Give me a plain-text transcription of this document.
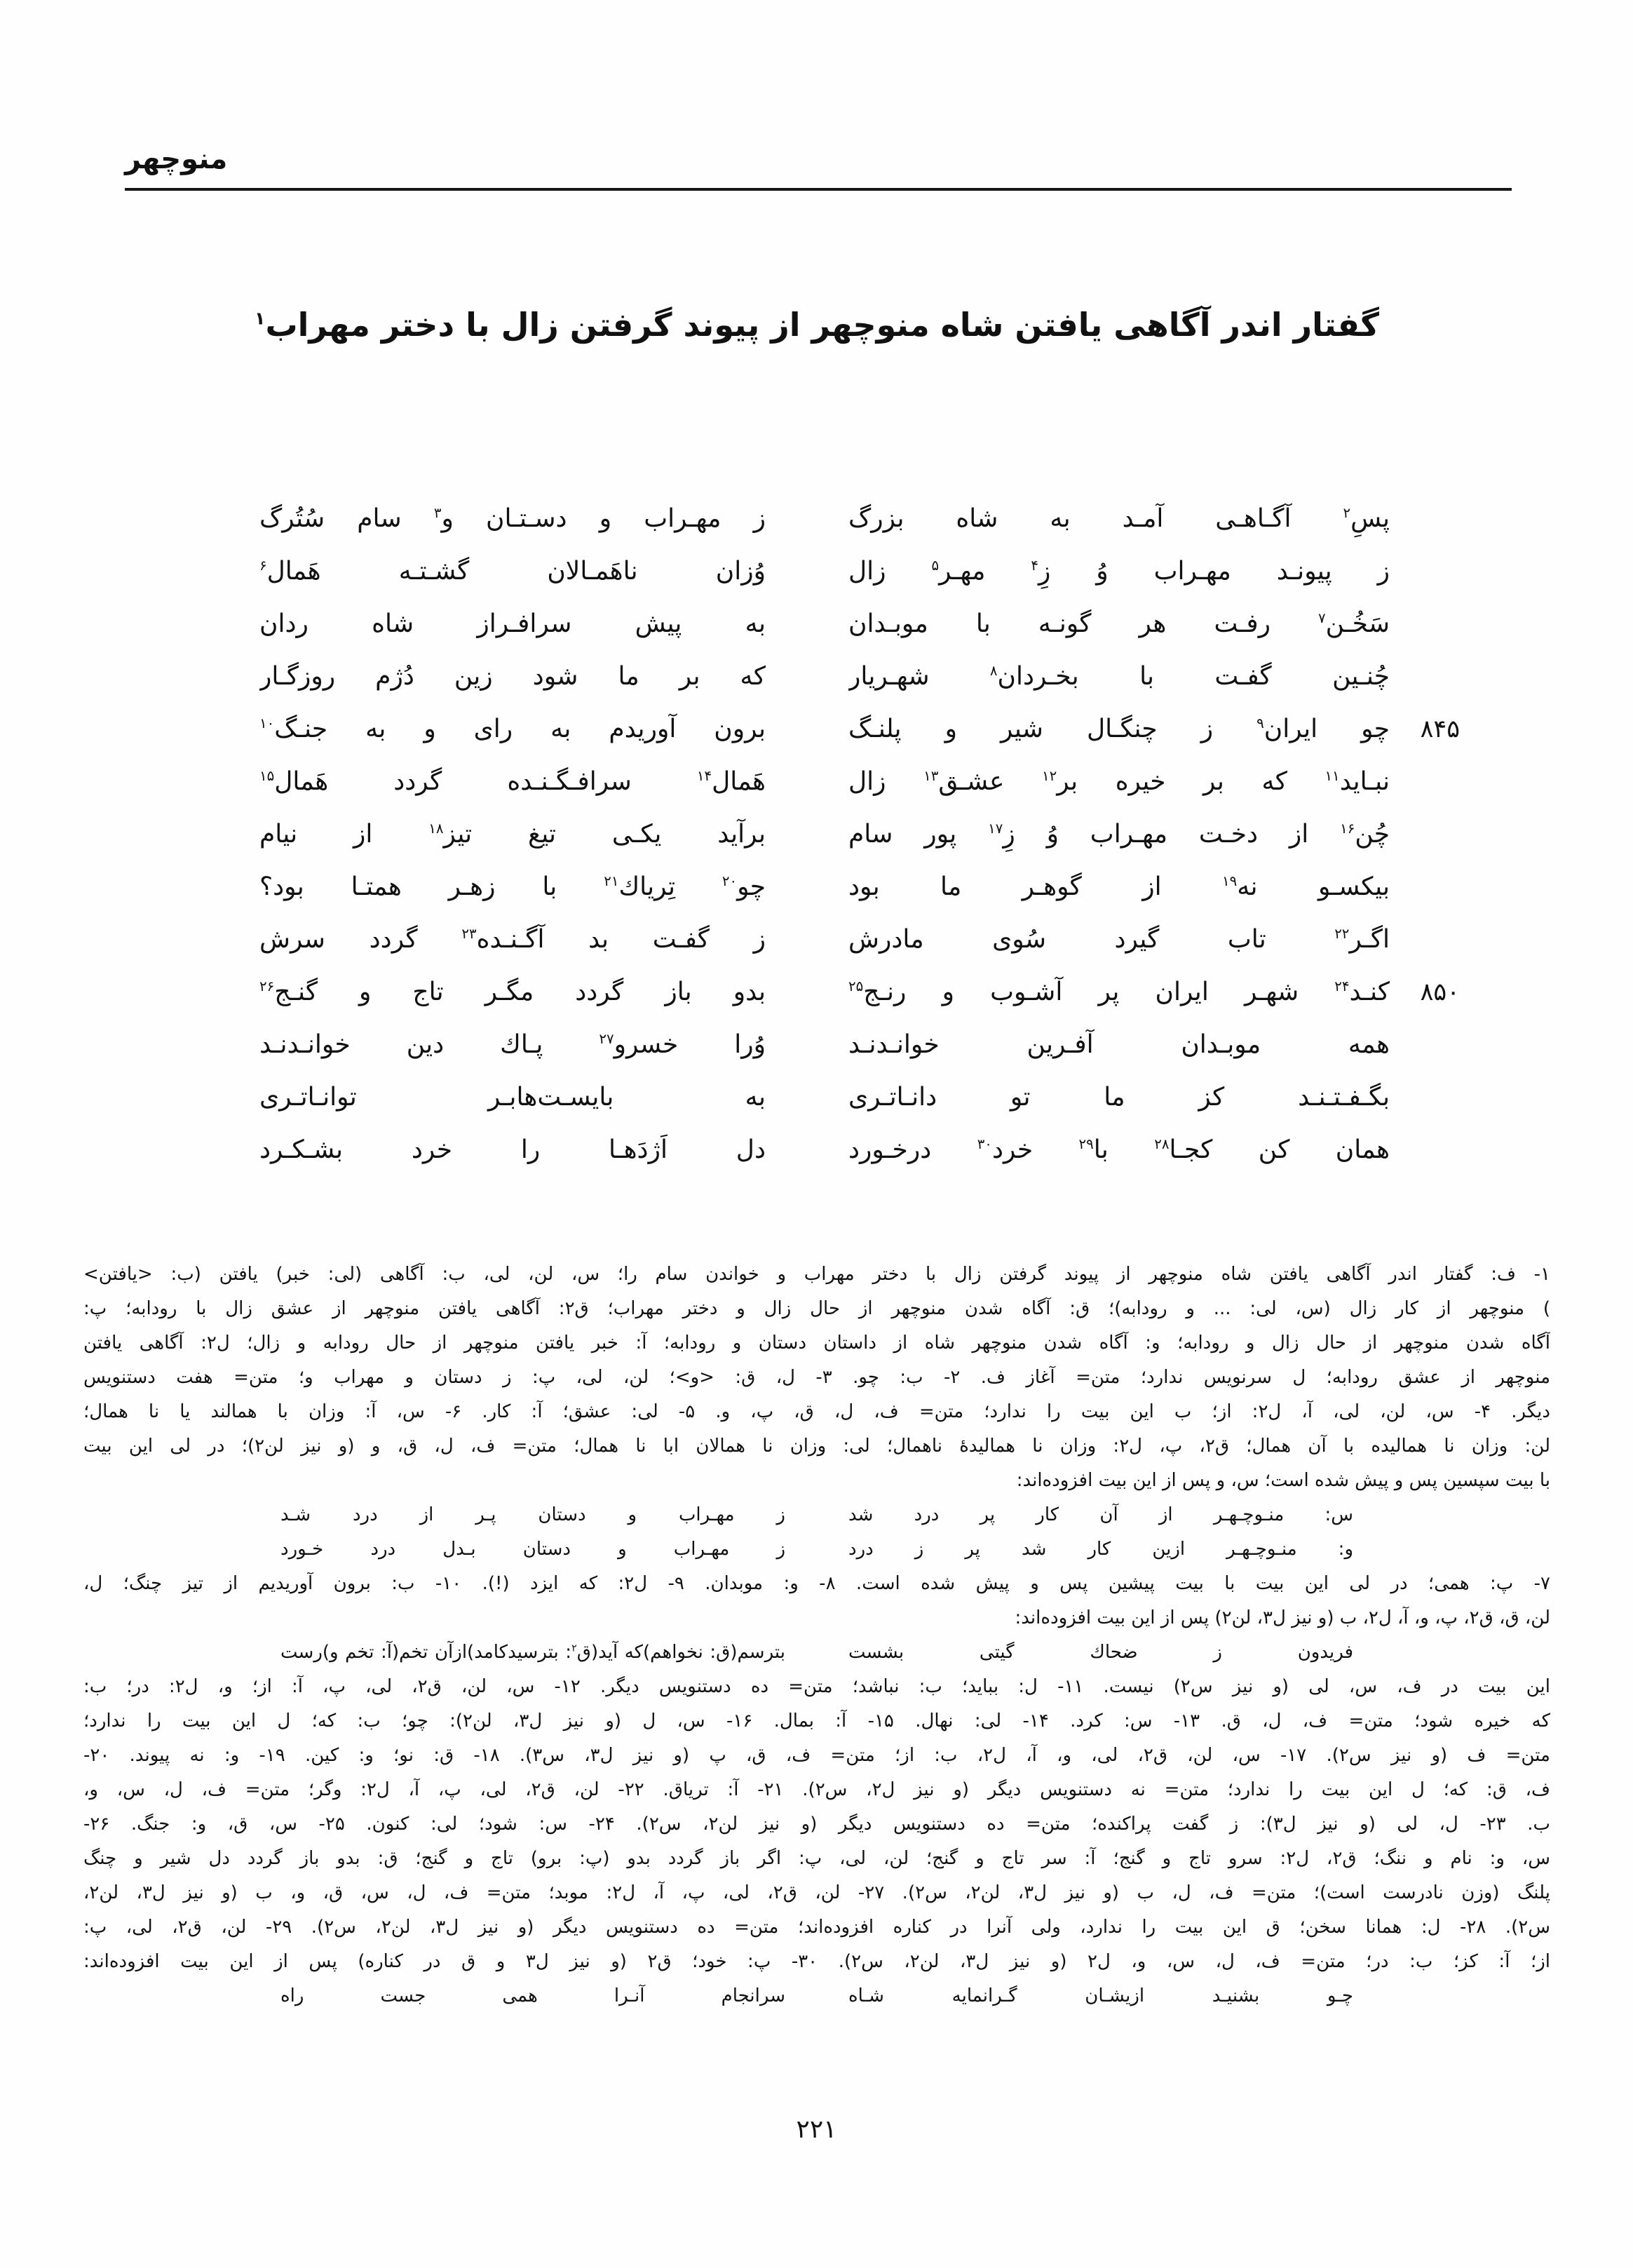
منوچهر
گفتار اندر آگاهی یافتن شاه منوچهر از پیوند گرفتن زال با دختر مهراب$^۱$
پسِ$^۲$ آگـاهـی آمـد به شاه بزرگ
ز مهـراب و دسـتـان و$^۳$ سام سُتُرگ
ز پیونـد مهـراب وُ زِ$^۴$ مهـر$^۵$ زال
وُزان ناهَمـالان گشـتـه هَمال$^۶$
سَخُـن$^۷$ رفـت هر گونـه با موبـدان
به پیش سرافـراز شاه ردان
چُنـین گفـت با بخـردان$^۸$ شهـریار
که بر ما شود زین دُژم روزگـار
۸۴۵
چو ایران$^۹$ ز چنگـال شیر و پلنـگ
برون آوریدم به رای و به جنـگ$^{۱۰}$
نبـاید$^{۱۱}$ که بر خیره بر$^{۱۲}$ عشـق$^{۱۳}$ زال
هَمال$^{۱۴}$ سرافـگـنـده گردد هَمال$^{۱۵}$
چُن$^{۱۶}$ از دخـت مهـراب وُ زِ$^{۱۷}$ پور سام
برآید یکـی تیغ تیز$^{۱۸}$ از نیام
بیکسـو نه$^{۱۹}$ از گوهـر ما بود
چو$^{۲۰}$ تِریاك$^{۲۱}$ با زهـر همتـا بود؟
اگـر$^{۲۲}$ تاب گیرد سُوی مادرش
ز گفـت بد آگـنـده$^{۲۳}$ گردد سرش
۸۵۰
کنـد$^{۲۴}$ شهـر ایران پر آشـوب و رنـج$^{۲۵}$
بدو باز گردد مگـر تاج و گنـج$^{۲۶}$
همه موبـدان آفـرین خوانـدنـد
وُرا خسرو$^{۲۷}$ پـاك دین خوانـدنـد
بگـفـتـنـد کز ما تو دانـاتـری
به بایسـت‌هابـر توانـاتـری
همان کن کجـا$^{۲۸}$ با$^{۲۹}$ خرد$^{۳۰}$ درخـورد
دل اَژدَهـا را خرد بشـکـرد
۱- ف: گفتار اندر آگاهی یافتن شاه منوچهر از پیوند گرفتن زال با دختر مهراب و خواندن سام را؛ س، لن، لی، ب: آگاهی (لی: خبر) یافتن (ب: <یافتن>
) منوچهر از کار زال (س، لی: ... و رودابه)؛ ق: آگاه شدن منوچهر از حال زال و دختر مهراب؛ ق۲: آگاهی یافتن منوچهر از عشق زال با رودابه؛ پ:
آگاه شدن منوچهر از حال زال و رودابه؛ و: آگاه شدن منوچهر شاه از داستان دستان و رودابه؛ آ: خبر یافتن منوچهر از حال رودابه و زال؛ ل۲: آگاهی یافتن
منوچهر از عشق رودابه؛ ل سرنویس ندارد؛ متن= آغاز ف. ۲- ب: چو. ۳- ل، ق: <و>؛ لن، لی، پ: ز دستان و مهراب و؛ متن= هفت دستنویس
دیگر. ۴- س، لن، لی، آ، ل۲: از؛ ب این بیت را ندارد؛ متن= ف، ل، ق، پ، و. ۵- لی: عشق؛ آ: کار. ۶- س، آ: وزان با همالند یا نا همال؛
لن: وزان نا همالیده با آن همال؛ ق۲، پ، ل۲: وزان نا همالیدهٔ ناهمال؛ لی: وزان نا همالان ابا نا همال؛ متن= ف، ل، ق، و (و نیز لن۲)؛ در لی این بیت
با بیت سپسین پس و پیش شده است؛ س، و پس از این بیت افزوده‌اند:
س: منـوچـهـر از آن کار پر درد شد
ز مهـراب و دستان پـر از درد شـد
و: منـوچـهـر ازین کار شد پر ز درد
ز مهـراب و دستان بـدل درد خـورد
۷- پ: همی؛ در لی این بیت با بیت پیشین پس و پیش شده است. ۸- و: موبدان. ۹- ل۲: که ایزد (!). ۱۰- ب: برون آوریدیم از تیز چنگ؛ ل،
لن، ق، ق۲، پ، و، آ، ل۲، ب (و نیز ل۳، لن۲) پس از این بیت افزوده‌اند:
فریدون ز ضحاك گیتی بشست
بترسم(ق: نخواهم)كه آید(ق$^۲$: بترسیدكامد)ازآن تخم(آ: تخم و)رست
این بیت در ف، س، لی (و نیز س۲) نیست. ۱۱- ل: بباید؛ ب: نباشد؛ متن= ده دستنویس دیگر. ۱۲- س، لن، ق۲، لی، پ، آ: از؛ و، ل۲: در؛ ب:
که خیره شود؛ متن= ف، ل، ق. ۱۳- س: کرد. ۱۴- لی: نهال. ۱۵- آ: بمال. ۱۶- س، ل (و نیز ل۳، لن۲): چو؛ ب: که؛ ل این بیت را ندارد؛
متن= ف (و نیز س۲). ۱۷- س، لن، ق۲، لی، و، آ، ل۲، ب: از؛ متن= ف، ق، پ (و نیز ل۳، س۳). ۱۸- ق: نو؛ و: کین. ۱۹- و: نه پیوند. ۲۰-
ف، ق: که؛ ل این بیت را ندارد؛ متن= نه دستنویس دیگر (و نیز ل۲، س۲). ۲۱- آ: تریاق. ۲۲- لن، ق۲، لی، پ، آ، ل۲: وگر؛ متن= ف، ل، س، و،
ب. ۲۳- ل، لی (و نیز ل۳): ز گفت پراکنده؛ متن= ده دستنویس دیگر (و نیز لن۲، س۲). ۲۴- س: شود؛ لی: کنون. ۲۵- س، ق، و: جنگ. ۲۶-
س، و: نام و ننگ؛ ق۲، ل۲: سرو تاج و گنج؛ آ: سر تاج و گنج؛ لن، لی، پ: اگر باز گردد بدو (پ: برو) تاج و گنج؛ ق: بدو باز گردد دل شیر و چنگ
پلنگ (وزن نادرست است)؛ متن= ف، ل، ب (و نیز ل۳، لن۲، س۲). ۲۷- لن، ق۲، لی، پ، آ، ل۲: موبد؛ متن= ف، ل، س، ق، و، ب (و نیز ل۳، لن۲،
س۲). ۲۸- ل: همانا سخن؛ ق این بیت را ندارد، ولی آنرا در کناره افزوده‌اند؛ متن= ده دستنویس دیگر (و نیز ل۳، لن۲، س۲). ۲۹- لن، ق۲، لی، پ:
از؛ آ: کز؛ ب: در؛ متن= ف، ل، س، و، ل۲ (و نیز ل۳، لن۲، س۲). ۳۰- پ: خود؛ ق۲ (و نیز ل۳ و ق در کناره) پس از این بیت افزوده‌اند:
چـو بشنیـد ازیشـان گـرانمایه شـاه
سرانجام آنـرا همی جست راه
۲۲۱
